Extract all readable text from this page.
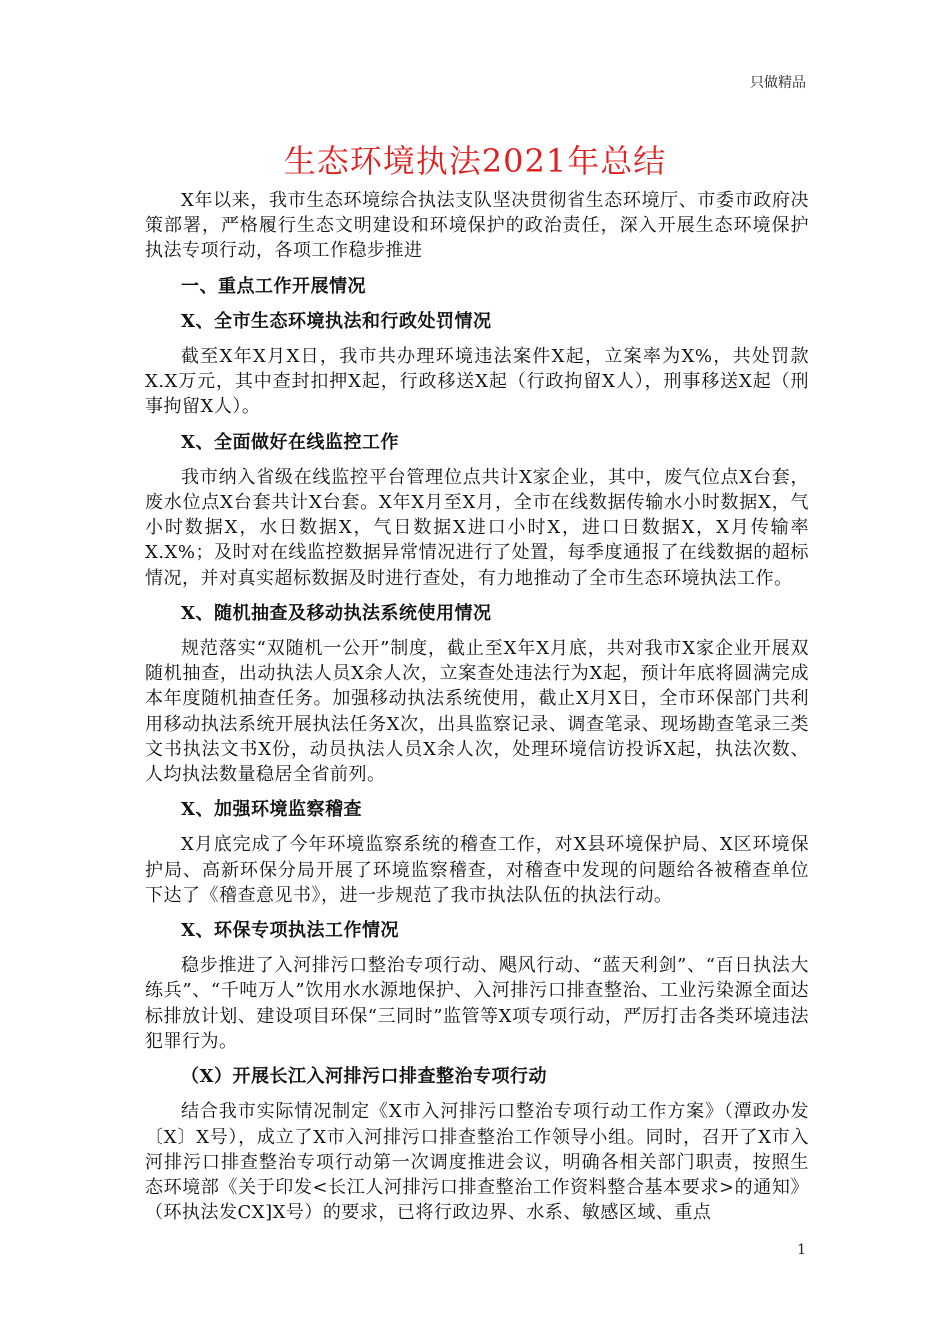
只做精品
生态环境执法2021年总结

X年以来，我市生态环境综合执法支队坚决贯彻省生态环境厅、市委市政府决策部署，严格履行生态文明建设和环境保护的政治责任，深入开展生态环境保护执法专项行动，各项工作稳步推进

一、重点工作开展情况

X、全市生态环境执法和行政处罚情况

截至X年X月X日，我市共办理环境违法案件X起，立案率为X%，共处罚款X.X万元，其中查封扣押X起，行政移送X起（行政拘留X人），刑事移送X起（刑事拘留X人）。

X、全面做好在线监控工作

我市纳入省级在线监控平台管理位点共计X家企业，其中，废气位点X台套，废水位点X台套共计X台套。X年X月至X月，全市在线数据传输水小时数据X，气小时数据X，水日数据X，气日数据X进口小时X，进口日数据X，X月传输率X.X%；及时对在线监控数据异常情况进行了处置，每季度通报了在线数据的超标情况，并对真实超标数据及时进行查处，有力地推动了全市生态环境执法工作。

X、随机抽查及移动执法系统使用情况

规范落实“双随机一公开”制度，截止至X年X月底，共对我市X家企业开展双随机抽查，出动执法人员X余人次，立案查处违法行为X起，预计年底将圆满完成本年度随机抽查任务。加强移动执法系统使用，截止X月X日，全市环保部门共利用移动执法系统开展执法任务X次，出具监察记录、调查笔录、现场勘查笔录三类文书执法文书X份，动员执法人员X余人次，处理环境信访投诉X起，执法次数、人均执法数量稳居全省前列。

X、加强环境监察稽查

X月底完成了今年环境监察系统的稽查工作，对X县环境保护局、X区环境保护局、高新环保分局开展了环境监察稽查，对稽查中发现的问题给各被稽查单位下达了《稽查意见书》，进一步规范了我市执法队伍的执法行动。

X、环保专项执法工作情况

稳步推进了入河排污口整治专项行动、飓风行动、“蓝天利剑”、“百日执法大练兵”、“千吨万人”饮用水水源地保护、入河排污口排查整治、工业污染源全面达标排放计划、建设项目环保“三同时”监管等X项专项行动，严厉打击各类环境违法犯罪行为。

（X）开展长江入河排污口排查整治专项行动

结合我市实际情况制定《X市入河排污口整治专项行动工作方案》（潭政办发〔X〕X号），成立了X市入河排污口排查整治工作领导小组。同时，召开了X市入河排污口排查整治专项行动第一次调度推进会议，明确各相关部门职责，按照生态环境部《关于印发<长江人河排污口排查整治工作资料整合基本要求>的通知》（环执法发CX]X号）的要求，已将行政边界、水系、敏感区域、重点

1
